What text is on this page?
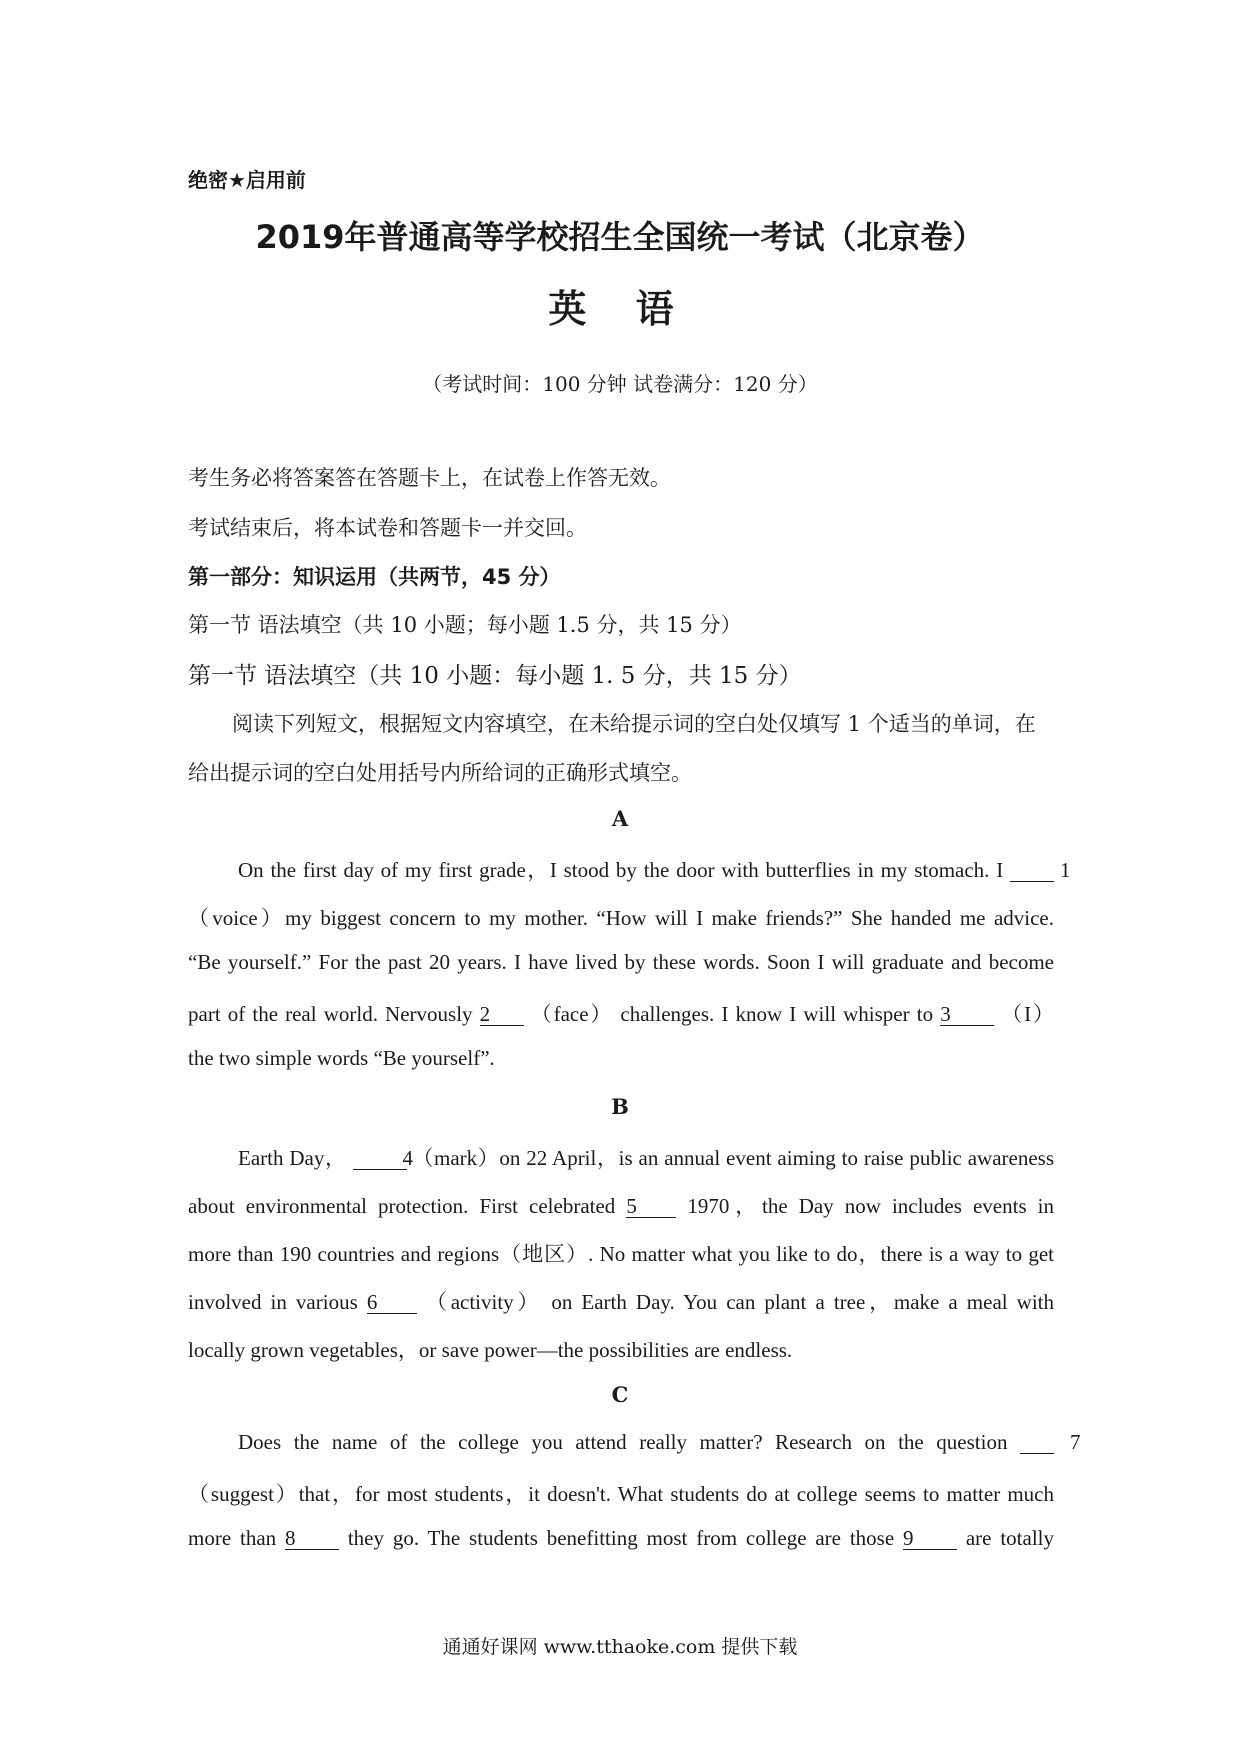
绝密★启用前
2019年普通高等学校招生全国统一考试（北京卷）
英 语
（考试时间：100 分钟 试卷满分：120 分）
考生务必将答案答在答题卡上，在试卷上作答无效。
考试结束后，将本试卷和答题卡一并交回。
第一部分：知识运用（共两节，45 分）
第一节 语法填空（共 10 小题；每小题 1.5 分，共 15 分）
第一节 语法填空（共 10 小题：每小题 1. 5 分，共 15 分）
阅读下列短文，根据短文内容填空，在未给提示词的空白处仅填写 1 个适当的单词，在
给出提示词的空白处用括号内所给词的正确形式填空。
A
On the first day of my first grade，I stood by the door with butterflies in my stomach. I	1
（voice）my biggest concern to my mother. “How will I make friends?” She handed me advice.
“Be yourself.” For the past 20 years. I have lived by these words. Soon I will graduate and become
part of the real world. Nervously 2 （face） challenges. I know I will whisper to 3 （I）
the two simple words “Be yourself”.
B
Earth Day，	4 （mark）on 22 April，is an annual event aiming to raise public awareness
about environmental protection. First celebrated 5 1970，the Day now includes events in
more than 190 countries and regions（地区）. No matter what you like to do，there is a way to get
involved in various 6 （activity） on Earth Day. You can plant a tree，make a meal with
locally grown vegetables，or save power—the possibilities are endless.
C
Does the name of the college you attend really matter? Research on the question	7
（suggest）that，for most students，it doesn't. What students do at college seems to matter much
more than 8 they go. The students benefitting most from college are those 9 are totally
通通好课网 www.tthaoke.com 提供下载
